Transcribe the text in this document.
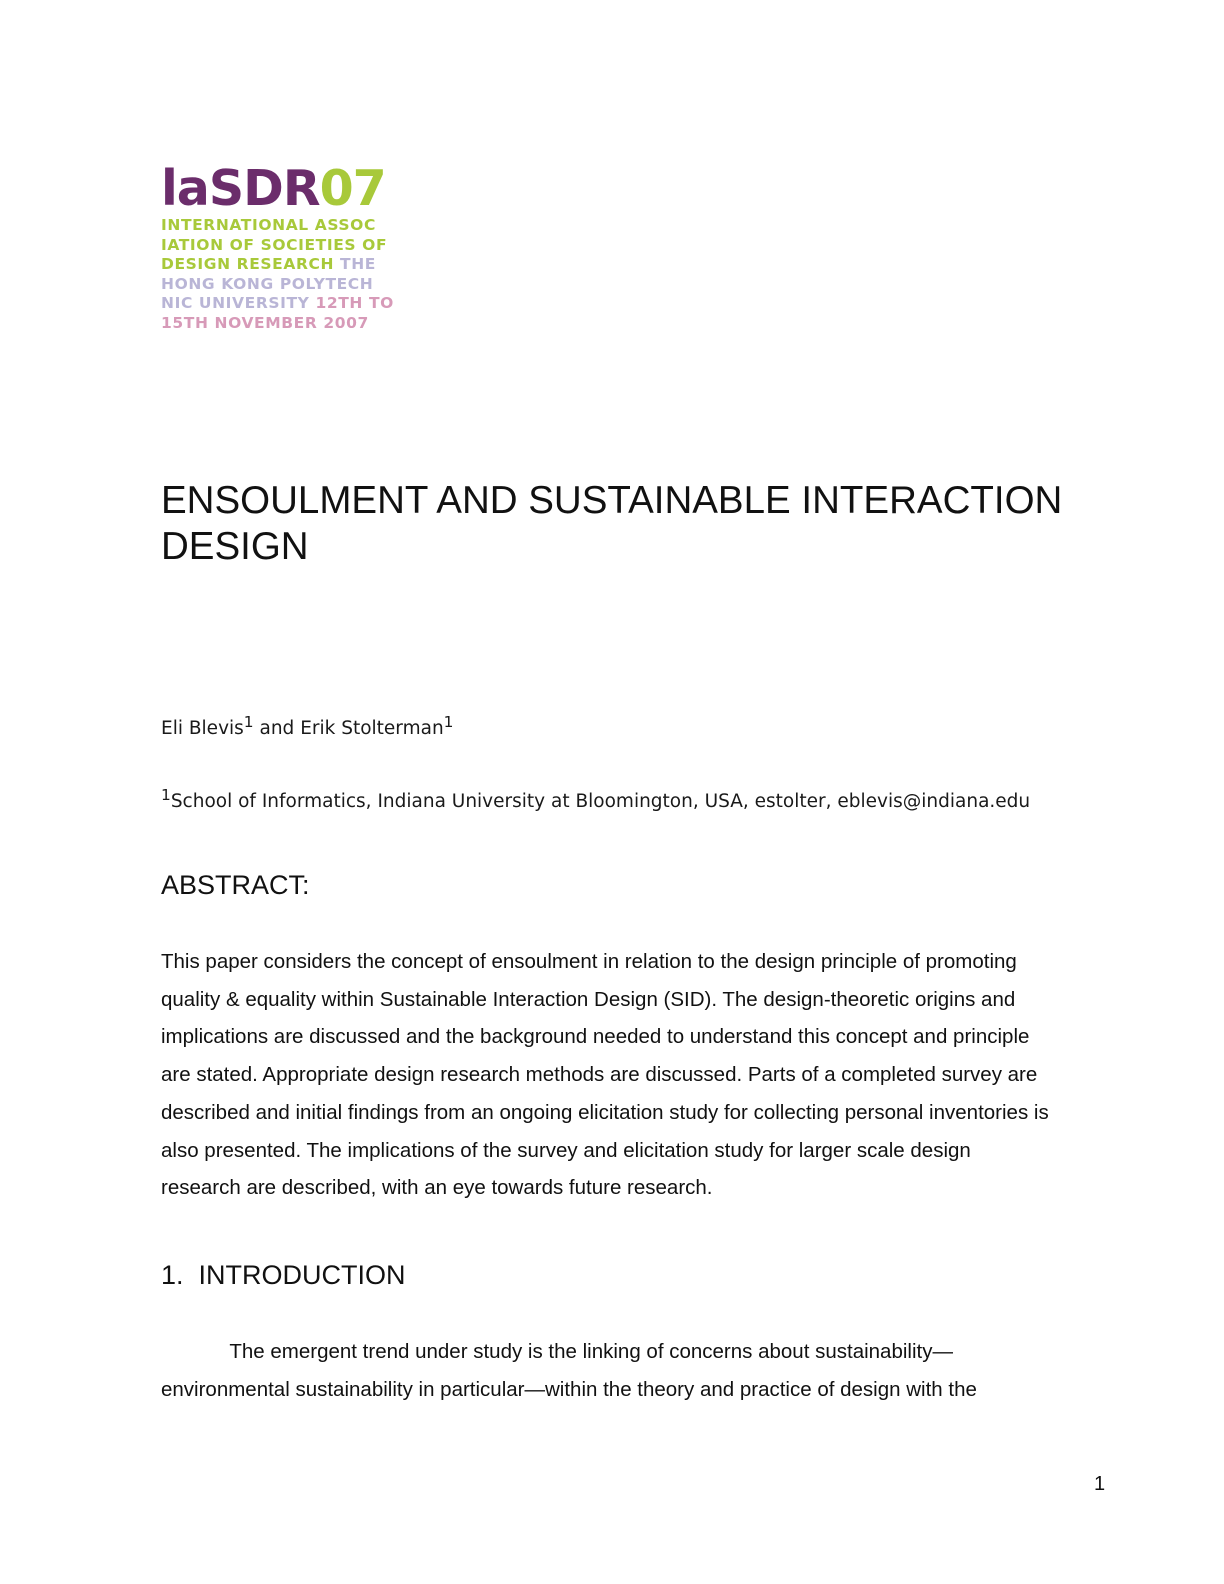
laSDR07
INTERNATIONAL ASSOC
IATION OF SOCIETIES OF
DESIGN RESEARCH THE
HONG KONG POLYTECH
NIC UNIVERSITY 12TH TO
15TH NOVEMBER 2007
ENSOULMENT AND SUSTAINABLE INTERACTION DESIGN
Eli Blevis$^1$ and Erik Stolterman$^1$
$^1$School of Informatics, Indiana University at Bloomington, USA, estolter, eblevis@indiana.edu
ABSTRACT:

This paper considers the concept of ensoulment in relation to the design principle of promoting
quality & equality within Sustainable Interaction Design (SID). The design-theoretic origins and
implications are discussed and the background needed to understand this concept and principle
are stated. Appropriate design research methods are discussed. Parts of a completed survey are
described and initial findings from an ongoing elicitation study for collecting personal inventories is
also presented. The implications of the survey and elicitation study for larger scale design
research are described, with an eye towards future research.

1.  INTRODUCTION

The emergent trend under study is the linking of concerns about sustainability—
environmental sustainability in particular—within the theory and practice of design with the

1
